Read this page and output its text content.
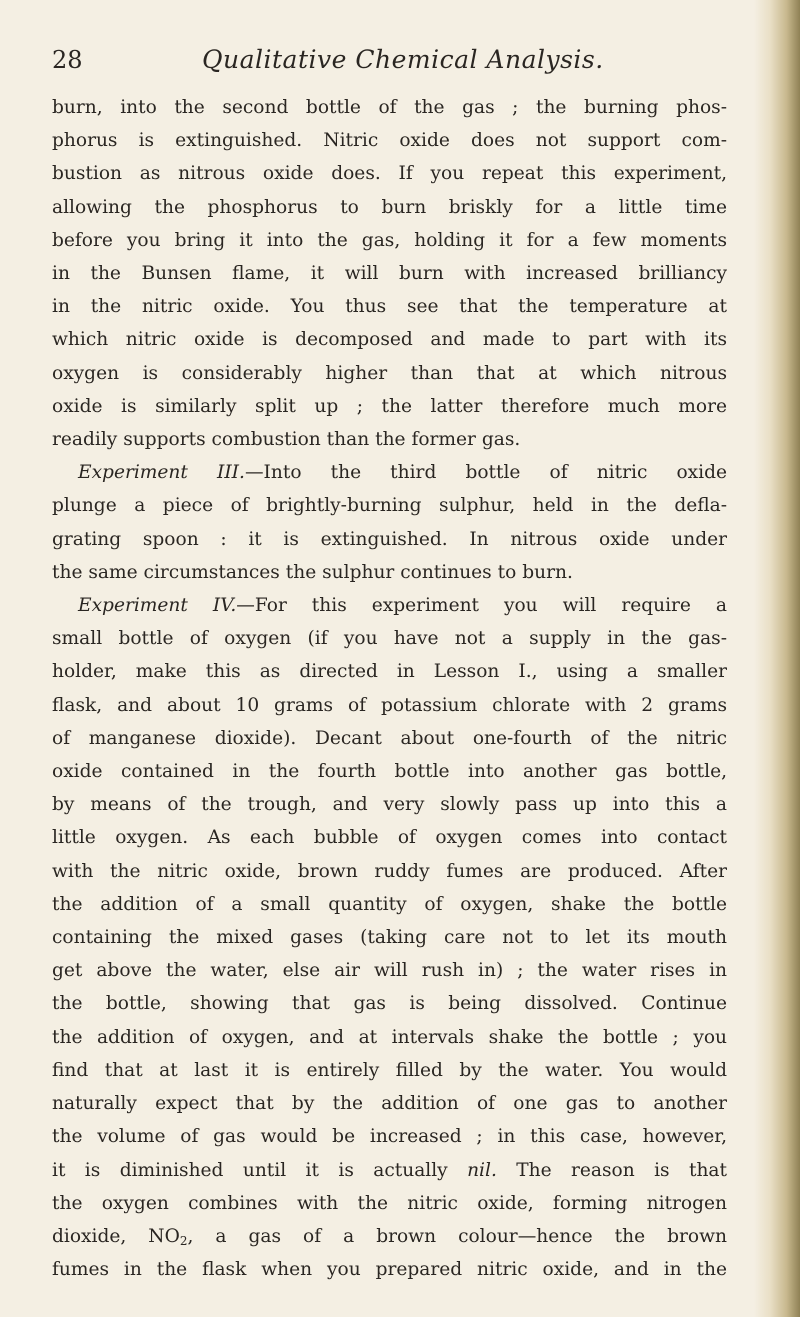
28	Qualitative Chemical Analysis.
burn, into the second bottle of the gas ; the burning phos-
phorus is extinguished. Nitric oxide does not support com-
bustion as nitrous oxide does. If you repeat this experiment,
allowing the phosphorus to burn briskly for a little time
before you bring it into the gas, holding it for a few moments
in the Bunsen flame, it will burn with increased brilliancy
in the nitric oxide. You thus see that the temperature at
which nitric oxide is decomposed and made to part with its
oxygen is considerably higher than that at which nitrous
oxide is similarly split up ; the latter therefore much more
readily supports combustion than the former gas.
Experiment III.—Into the third bottle of nitric oxide
plunge a piece of brightly-burning sulphur, held in the defla-
grating spoon : it is extinguished. In nitrous oxide under
the same circumstances the sulphur continues to burn.
Experiment IV.—For this experiment you will require a
small bottle of oxygen (if you have not a supply in the gas-
holder, make this as directed in Lesson I., using a smaller
flask, and about 10 grams of potassium chlorate with 2 grams
of manganese dioxide). Decant about one-fourth of the nitric
oxide contained in the fourth bottle into another gas bottle,
by means of the trough, and very slowly pass up into this a
little oxygen. As each bubble of oxygen comes into contact
with the nitric oxide, brown ruddy fumes are produced. After
the addition of a small quantity of oxygen, shake the bottle
containing the mixed gases (taking care not to let its mouth
get above the water, else air will rush in) ; the water rises in
the bottle, showing that gas is being dissolved. Continue
the addition of oxygen, and at intervals shake the bottle ; you
find that at last it is entirely filled by the water. You would
naturally expect that by the addition of one gas to another
the volume of gas would be increased ; in this case, however,
it is diminished until it is actually nil. The reason is that
the oxygen combines with the nitric oxide, forming nitrogen
dioxide, $NO_2$, a gas of a brown colour—hence the brown
fumes in the flask when you prepared nitric oxide, and in the
